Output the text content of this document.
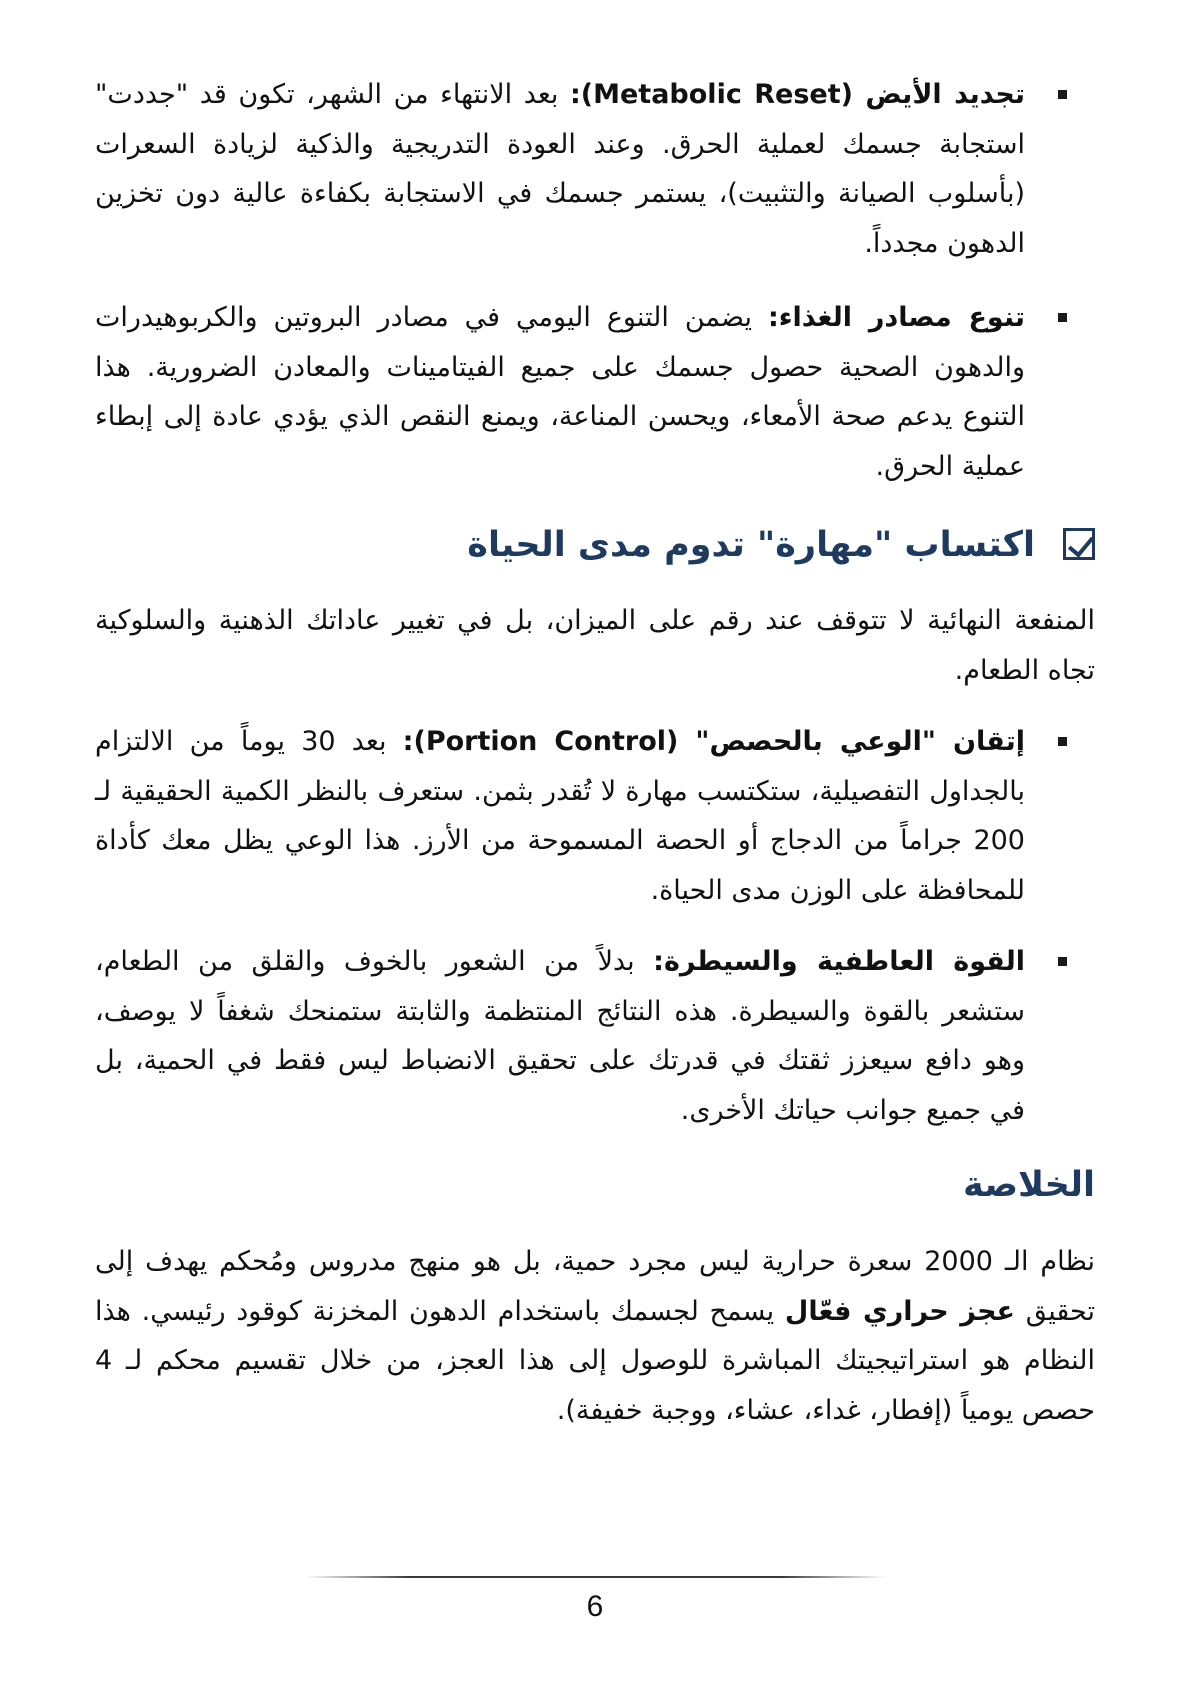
تجديد الأيض (Metabolic Reset): بعد الانتهاء من الشهر، تكون قد "جددت" استجابة جسمك لعملية الحرق. وعند العودة التدريجية والذكية لزيادة السعرات (بأسلوب الصيانة والتثبيت)، يستمر جسمك في الاستجابة بكفاءة عالية دون تخزين الدهون مجدداً.
تنوع مصادر الغذاء: يضمن التنوع اليومي في مصادر البروتين والكربوهيدرات والدهون الصحية حصول جسمك على جميع الفيتامينات والمعادن الضرورية. هذا التنوع يدعم صحة الأمعاء، ويحسن المناعة، ويمنع النقص الذي يؤدي عادة إلى إبطاء عملية الحرق.
اكتساب "مهارة" تدوم مدى الحياة
المنفعة النهائية لا تتوقف عند رقم على الميزان، بل في تغيير عاداتك الذهنية والسلوكية تجاه الطعام.
إتقان "الوعي بالحصص" (Portion Control): بعد 30 يوماً من الالتزام بالجداول التفصيلية، ستكتسب مهارة لا تُقدر بثمن. ستعرف بالنظر الكمية الحقيقية لـ 200 جراماً من الدجاج أو الحصة المسموحة من الأرز. هذا الوعي يظل معك كأداة للمحافظة على الوزن مدى الحياة.
القوة العاطفية والسيطرة: بدلاً من الشعور بالخوف والقلق من الطعام، ستشعر بالقوة والسيطرة. هذه النتائج المنتظمة والثابتة ستمنحك شغفاً لا يوصف، وهو دافع سيعزز ثقتك في قدرتك على تحقيق الانضباط ليس فقط في الحمية، بل في جميع جوانب حياتك الأخرى.
الخلاصة
نظام الـ 2000 سعرة حرارية ليس مجرد حمية، بل هو منهج مدروس ومُحكم يهدف إلى تحقيق عجز حراري فعّال يسمح لجسمك باستخدام الدهون المخزنة كوقود رئيسي. هذا النظام هو استراتيجيتك المباشرة للوصول إلى هذا العجز، من خلال تقسيم محكم لـ 4 حصص يومياً (إفطار، غداء، عشاء، ووجبة خفيفة).
6
